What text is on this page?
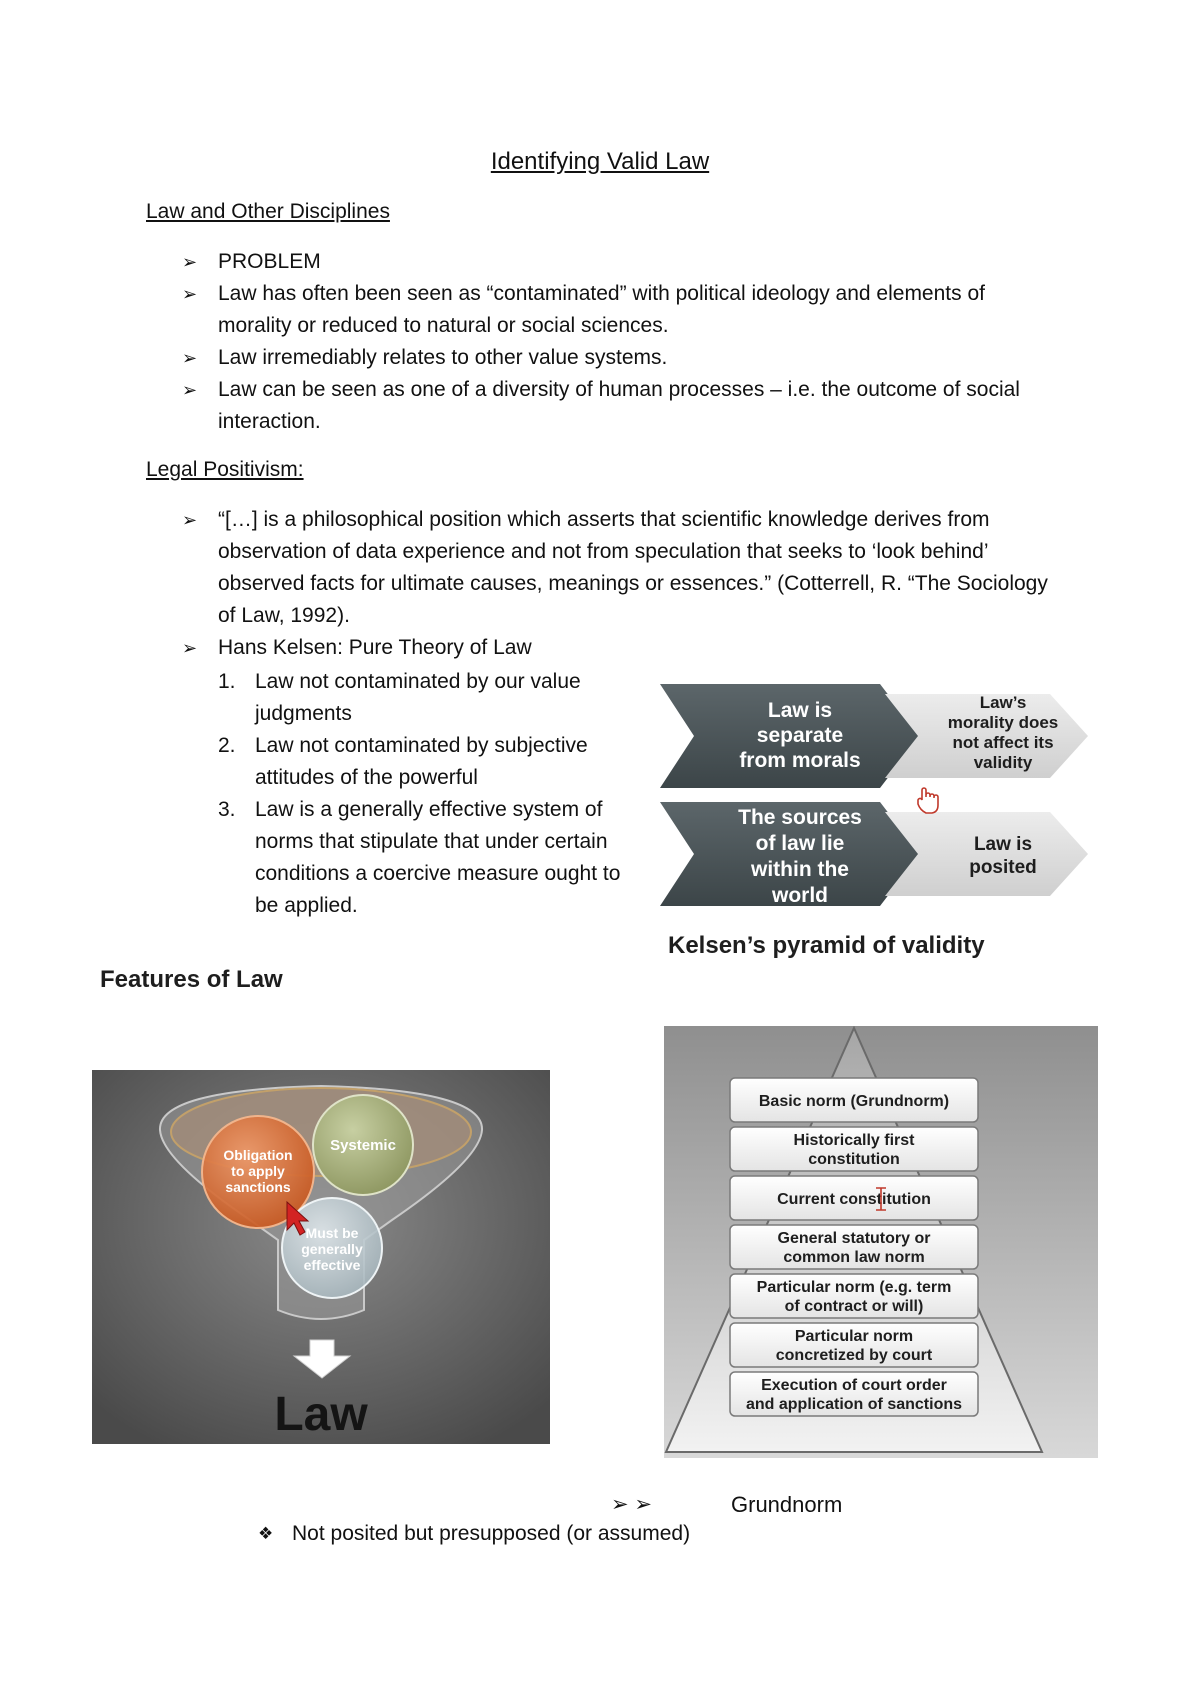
Identifying Valid Law
Law and Other Disciplines
➢ PROBLEM
➢ Law has often been seen as “contaminated” with political ideology and elements of morality or reduced to natural or social sciences.
➢ Law irremediably relates to other value systems.
➢ Law can be seen as one of a diversity of human processes – i.e. the outcome of social interaction.
Legal Positivism:
➢ “[…] is a philosophical position which asserts that scientific knowledge derives from observation of data experience and not from speculation that seeks to ‘look behind’ observed facts for ultimate causes, meanings or essences.” (Cotterrell, R. “The Sociology of Law, 1992).
➢ Hans Kelsen: Pure Theory of Law
1. Law not contaminated by our value judgments
2. Law not contaminated by subjective attitudes of the powerful
3. Law is a generally effective system of norms that stipulate that under certain conditions a coercive measure ought to be applied.
Law is separate from morals
Law’s morality does not affect its validity
The sources of law lie within the world
Law is posited
Features of Law
Obligation to apply sanctions
Systemic
Must be generally effective
Law
Kelsen’s pyramid of validity
Basic norm (Grundnorm)
Historically first constitution
Current constitution
General statutory or common law norm
Particular norm (e.g. term of contract or will)
Particular norm concretized by court
Execution of court order and application of sanctions
➢ ➢	Grundnorm
❖ Not posited but presupposed (or assumed)
